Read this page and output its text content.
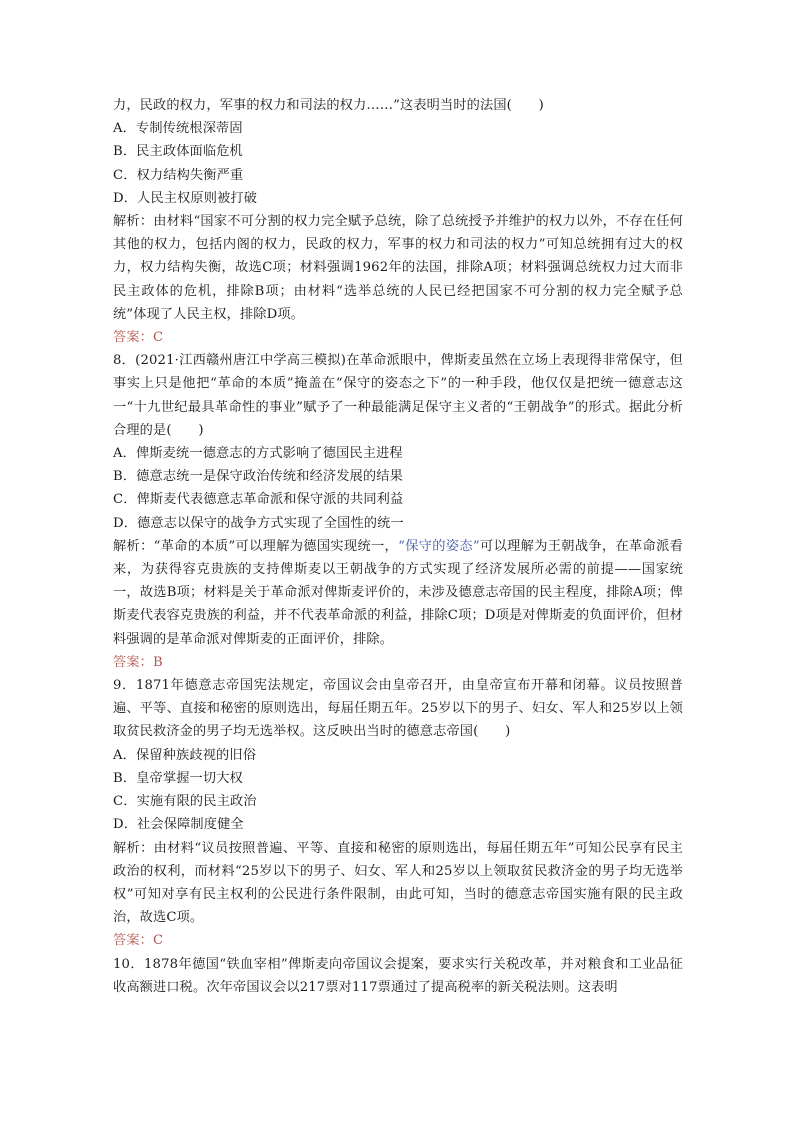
力，民政的权力，军事的权力和司法的权力……”这表明当时的法国(　　)

A．专制传统根深蒂固

B．民主政体面临危机

C．权力结构失衡严重

D．人民主权原则被打破

解析：由材料“国家不可分割的权力完全赋予总统，除了总统授予并维护的权力以外，不存在任何其他的权力，包括内阁的权力，民政的权力，军事的权力和司法的权力”可知总统拥有过大的权力，权力结构失衡，故选C项；材料强调1962年的法国，排除A项；材料强调总统权力过大而非民主政体的危机，排除B项；由材料“选举总统的人民已经把国家不可分割的权力完全赋予总统”体现了人民主权，排除D项。

答案：C

8．(2021·江西赣州唐江中学高三模拟)在革命派眼中，俾斯麦虽然在立场上表现得非常保守，但事实上只是他把“革命的本质”掩盖在“保守的姿态之下”的一种手段，他仅仅是把统一德意志这一“十九世纪最具革命性的事业”赋予了一种最能满足保守主义者的“王朝战争”的形式。据此分析合理的是(　　)

A．俾斯麦统一德意志的方式影响了德国民主进程

B．德意志统一是保守政治传统和经济发展的结果

C．俾斯麦代表德意志革命派和保守派的共同利益

D．德意志以保守的战争方式实现了全国性的统一

解析：“革命的本质”可以理解为德国实现统一，“保守的姿态”可以理解为王朝战争，在革命派看来，为获得容克贵族的支持俾斯麦以王朝战争的方式实现了经济发展所必需的前提——国家统一，故选B项；材料是关于革命派对俾斯麦评价的，未涉及德意志帝国的民主程度，排除A项；俾斯麦代表容克贵族的利益，并不代表革命派的利益，排除C项；D项是对俾斯麦的负面评价，但材料强调的是革命派对俾斯麦的正面评价，排除。

答案：B

9．1871年德意志帝国宪法规定，帝国议会由皇帝召开，由皇帝宣布开幕和闭幕。议员按照普遍、平等、直接和秘密的原则选出，每届任期五年。25岁以下的男子、妇女、军人和25岁以上领取贫民救济金的男子均无选举权。这反映出当时的德意志帝国(　　)

A．保留种族歧视的旧俗

B．皇帝掌握一切大权

C．实施有限的民主政治

D．社会保障制度健全

解析：由材料“议员按照普遍、平等、直接和秘密的原则选出，每届任期五年”可知公民享有民主政治的权利，而材料“25岁以下的男子、妇女、军人和25岁以上领取贫民救济金的男子均无选举权”可知对享有民主权利的公民进行条件限制，由此可知，当时的德意志帝国实施有限的民主政治，故选C项。

答案：C

10．1878年德国“铁血宰相”俾斯麦向帝国议会提案，要求实行关税改革，并对粮食和工业品征收高额进口税。次年帝国议会以217票对117票通过了提高税率的新关税法则。这表明
